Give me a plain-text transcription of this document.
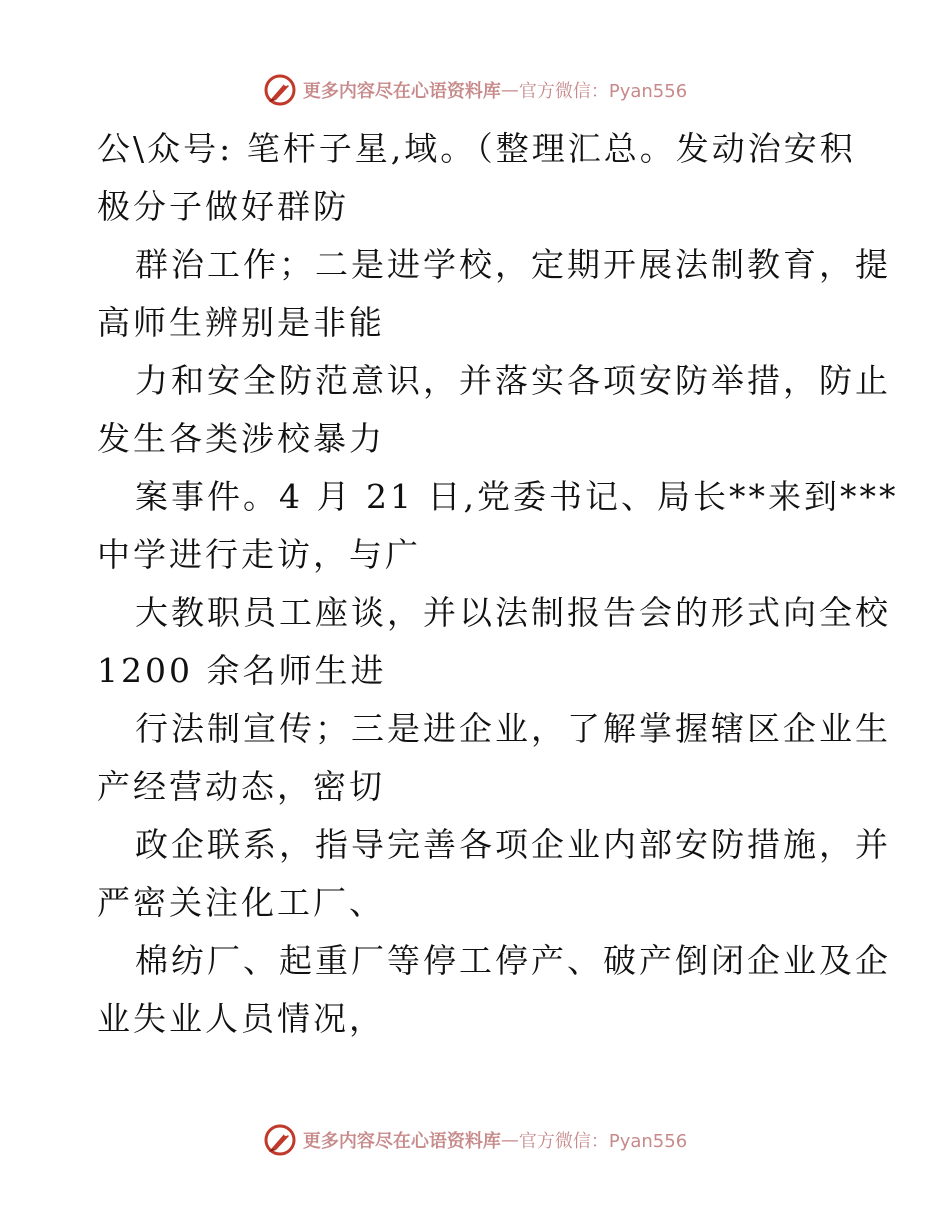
更多内容尽在心语资料库 — 官方微信：Pyan556

公\众号: 笔杆子星,域。（整理汇总。发动治安积

极分子做好群防

群治工作；二是进学校，定期开展法制教育，提

高师生辨别是非能

力和安全防范意识，并落实各项安防举措，防止

发生各类涉校暴力

案事件。4 月 21 日,党委书记、局长**来到***

中学进行走访，与广

大教职员工座谈，并以法制报告会的形式向全校

1200 余名师生进

行法制宣传；三是进企业，了解掌握辖区企业生

产经营动态，密切

政企联系，指导完善各项企业内部安防措施，并

严密关注化工厂、

棉纺厂、起重厂等停工停产、破产倒闭企业及企

业失业人员情况，

更多内容尽在心语资料库 — 官方微信：Pyan556
